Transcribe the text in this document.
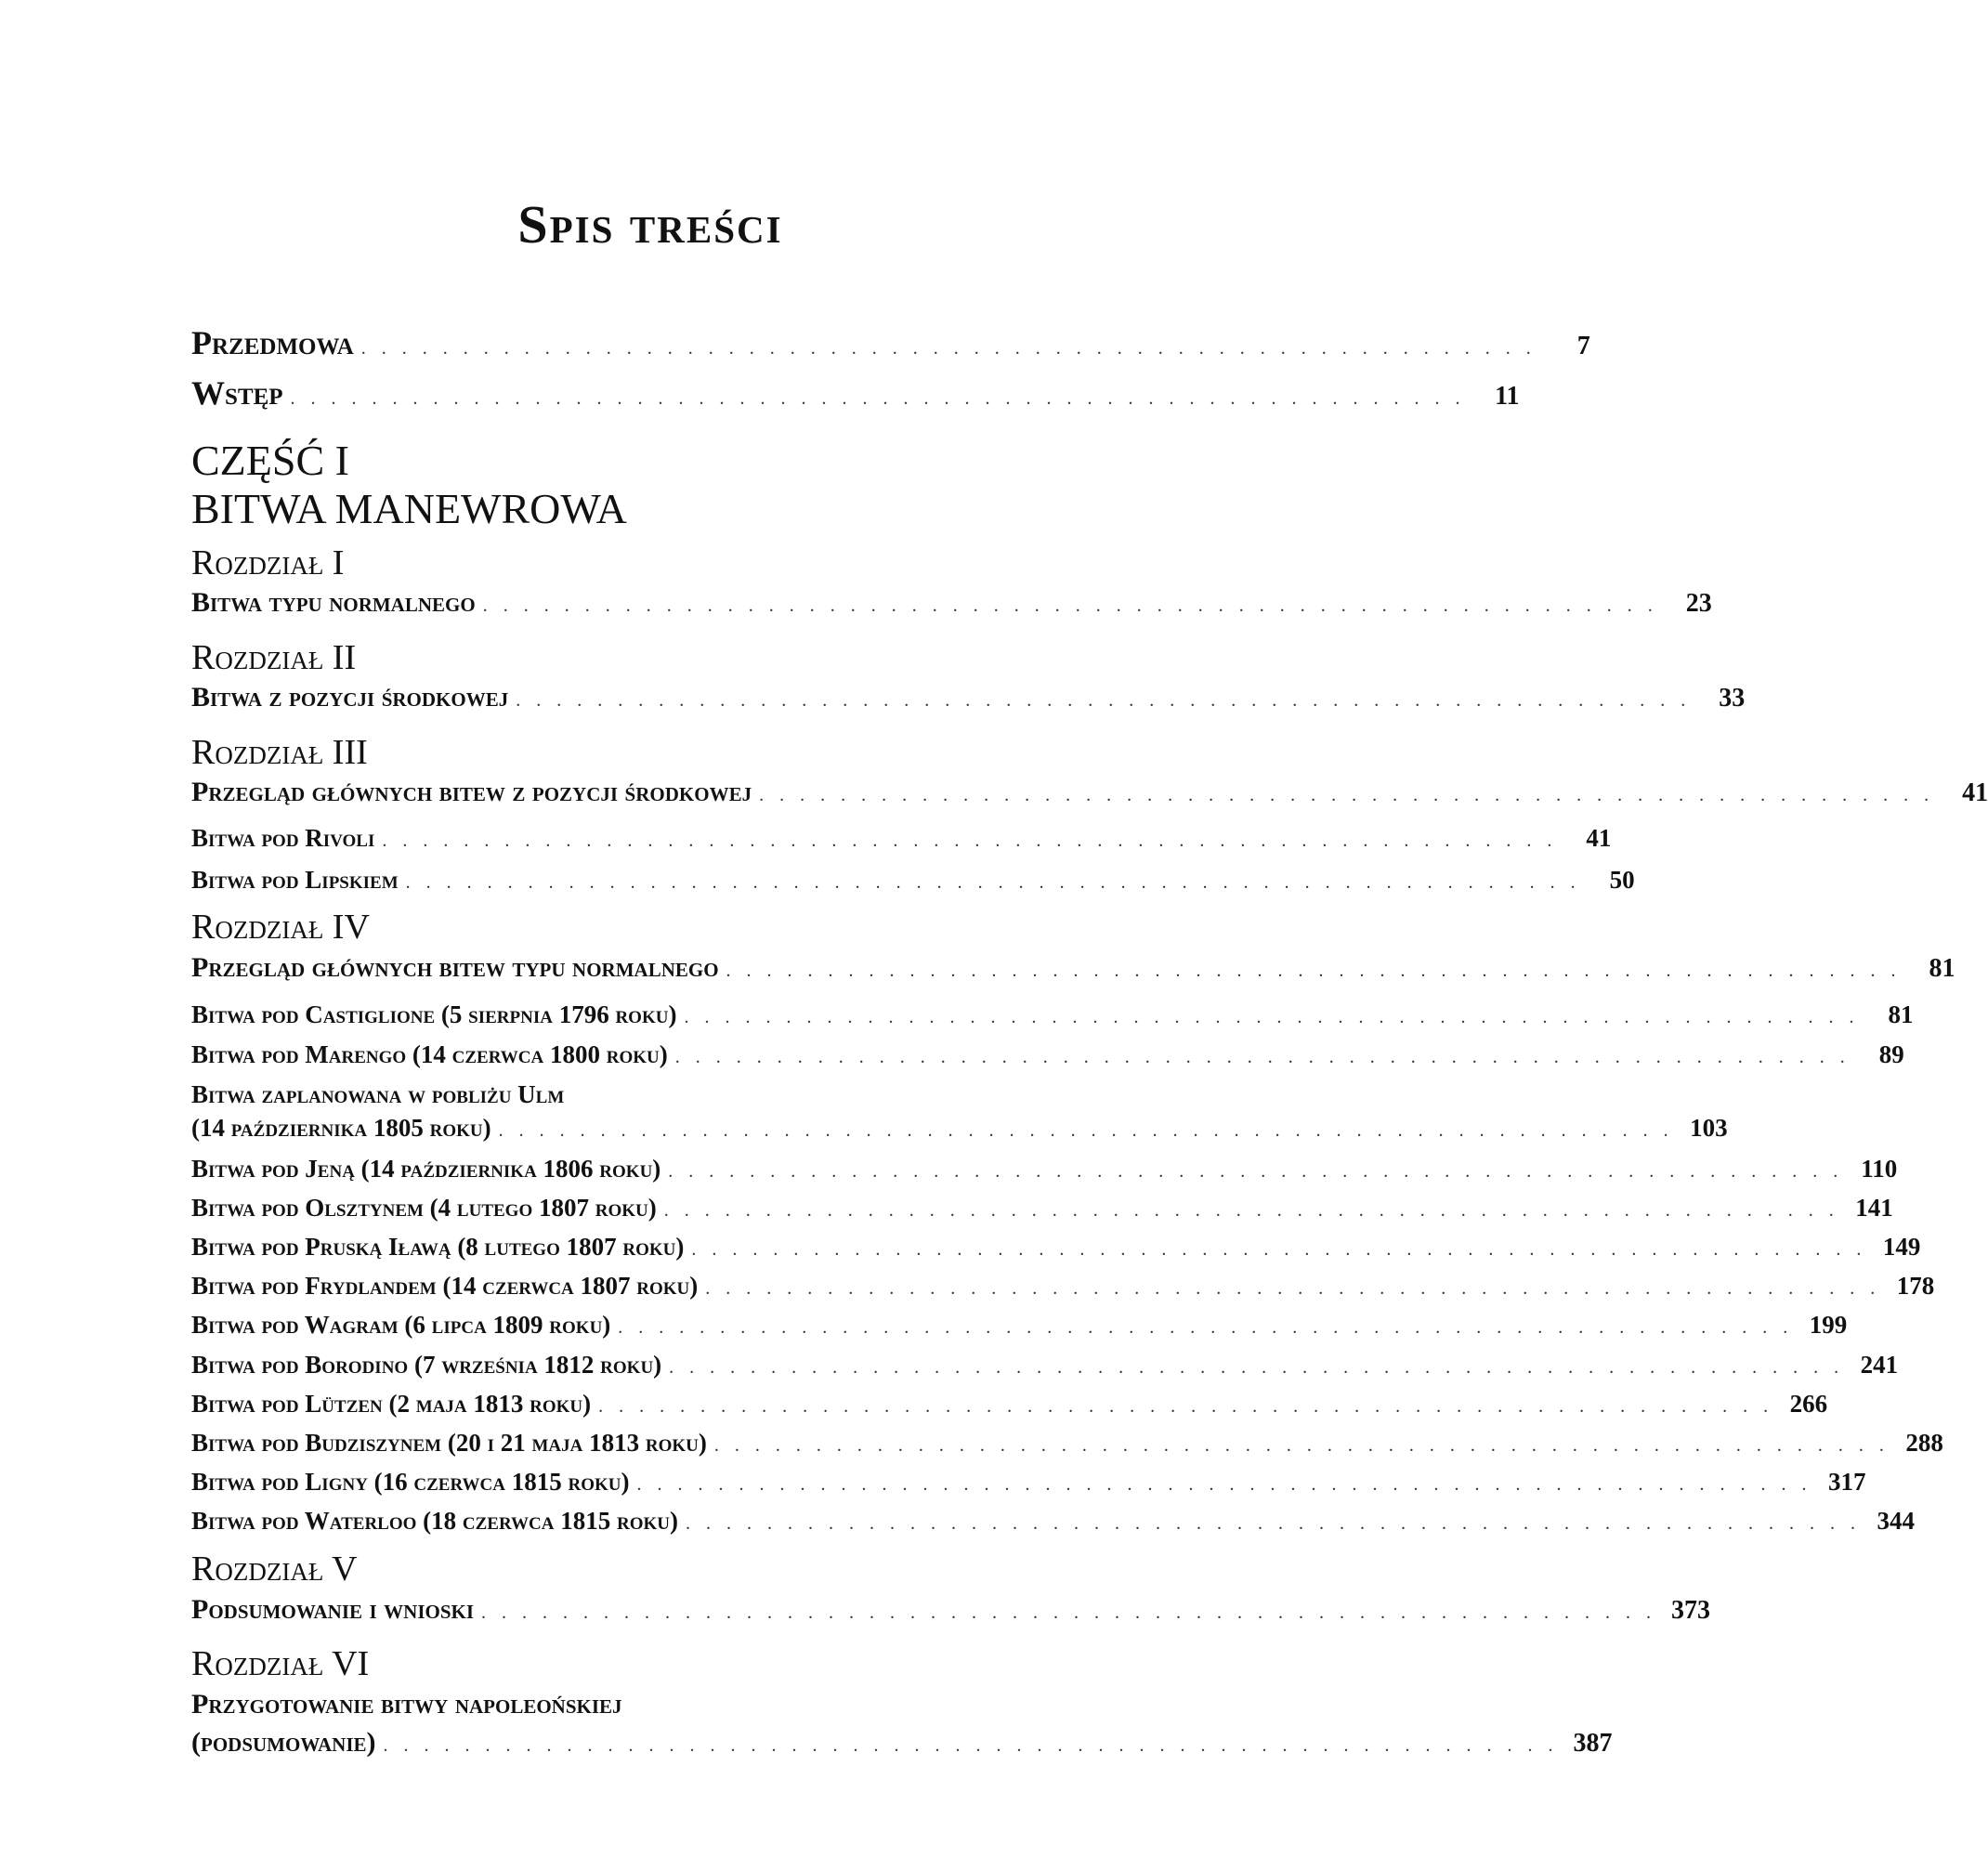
Spis treści
Przedmowa . . . . . . . . . . . . . . . . . . . . . . . . . . . . . . . . . . . . . . . . . . . . . . . . . . . . . . . . . .	7
Wstęp . . . . . . . . . . . . . . . . . . . . . . . . . . . . . . . . . . . . . . . . . . . . . . . . . . . . . . . . . .	11
CZĘŚĆ I
BITWA MANEWROWA
Rozdział I
Bitwa typu normalnego . . . . . . . . . . . . . . . . . . . . . . . . . . . . . . . . . . . . . . . . . . . . . . . . . . . . . . . . . .	23
Rozdział II
Bitwa z pozycji środkowej . . . . . . . . . . . . . . . . . . . . . . . . . . . . . . . . . . . . . . . . . . . . . . . . . . . . . . . . . .	33
Rozdział III
Przegląd głównych bitew z pozycji środkowej . . . . . . . . . . . . . . . . . . . . . . . . . . . . . . . . . . . . . . . . . . . . . . . . . . . . . . . . . .	41
Bitwa pod Rivoli . . . . . . . . . . . . . . . . . . . . . . . . . . . . . . . . . . . . . . . . . . . . . . . . . . . . . . . . . .	41
Bitwa pod Lipskiem . . . . . . . . . . . . . . . . . . . . . . . . . . . . . . . . . . . . . . . . . . . . . . . . . . . . . . . . . .	50
Rozdział IV
Przegląd głównych bitew typu normalnego . . . . . . . . . . . . . . . . . . . . . . . . . . . . . . . . . . . . . . . . . . . . . . . . . . . . . . . . . .	81
Bitwa pod Castiglione (5 sierpnia 1796 roku) . . . . . . . . . . . . . . . . . . . . . . . . . . . . . . . . . . . . . . . . . . . . . . . . . . . . . . . . . .	81
Bitwa pod Marengo (14 czerwca 1800 roku) . . . . . . . . . . . . . . . . . . . . . . . . . . . . . . . . . . . . . . . . . . . . . . . . . . . . . . . . . .	89
Bitwa zaplanowana w pobliżu Ulm
(14 października 1805 roku) . . . . . . . . . . . . . . . . . . . . . . . . . . . . . . . . . . . . . . . . . . . . . . . . . . . . . . . . . . 103
Bitwa pod Jeną (14 października 1806 roku) . . . . . . . . . . . . . . . . . . . . . . . . . . . . . . . . . . . . . . . . . . . . . . . . . . . . . . . . . . 110
Bitwa pod Olsztynem (4 lutego 1807 roku) . . . . . . . . . . . . . . . . . . . . . . . . . . . . . . . . . . . . . . . . . . . . . . . . . . . . . . . . . . 141
Bitwa pod Pruską Iławą (8 lutego 1807 roku) . . . . . . . . . . . . . . . . . . . . . . . . . . . . . . . . . . . . . . . . . . . . . . . . . . . . . . . . . . 149
Bitwa pod Frydlandem (14 czerwca 1807 roku) . . . . . . . . . . . . . . . . . . . . . . . . . . . . . . . . . . . . . . . . . . . . . . . . . . . . . . . . . . 178
Bitwa pod Wagram (6 lipca 1809 roku) . . . . . . . . . . . . . . . . . . . . . . . . . . . . . . . . . . . . . . . . . . . . . . . . . . . . . . . . . . 199
Bitwa pod Borodino (7 września 1812 roku) . . . . . . . . . . . . . . . . . . . . . . . . . . . . . . . . . . . . . . . . . . . . . . . . . . . . . . . . . . 241
Bitwa pod Lützen (2 maja 1813 roku) . . . . . . . . . . . . . . . . . . . . . . . . . . . . . . . . . . . . . . . . . . . . . . . . . . . . . . . . . . 266
Bitwa pod Budziszynem (20 i 21 maja 1813 roku) . . . . . . . . . . . . . . . . . . . . . . . . . . . . . . . . . . . . . . . . . . . . . . . . . . . . . . . . . . 288
Bitwa pod Ligny (16 czerwca 1815 roku) . . . . . . . . . . . . . . . . . . . . . . . . . . . . . . . . . . . . . . . . . . . . . . . . . . . . . . . . . . 317
Bitwa pod Waterloo (18 czerwca 1815 roku) . . . . . . . . . . . . . . . . . . . . . . . . . . . . . . . . . . . . . . . . . . . . . . . . . . . . . . . . . . 344
Rozdział V
Podsumowanie i wnioski . . . . . . . . . . . . . . . . . . . . . . . . . . . . . . . . . . . . . . . . . . . . . . . . . . . . . . . . . . 373
Rozdział VI
Przygotowanie bitwy napoleońskiej
(podsumowanie) . . . . . . . . . . . . . . . . . . . . . . . . . . . . . . . . . . . . . . . . . . . . . . . . . . . . . . . . . . 387
